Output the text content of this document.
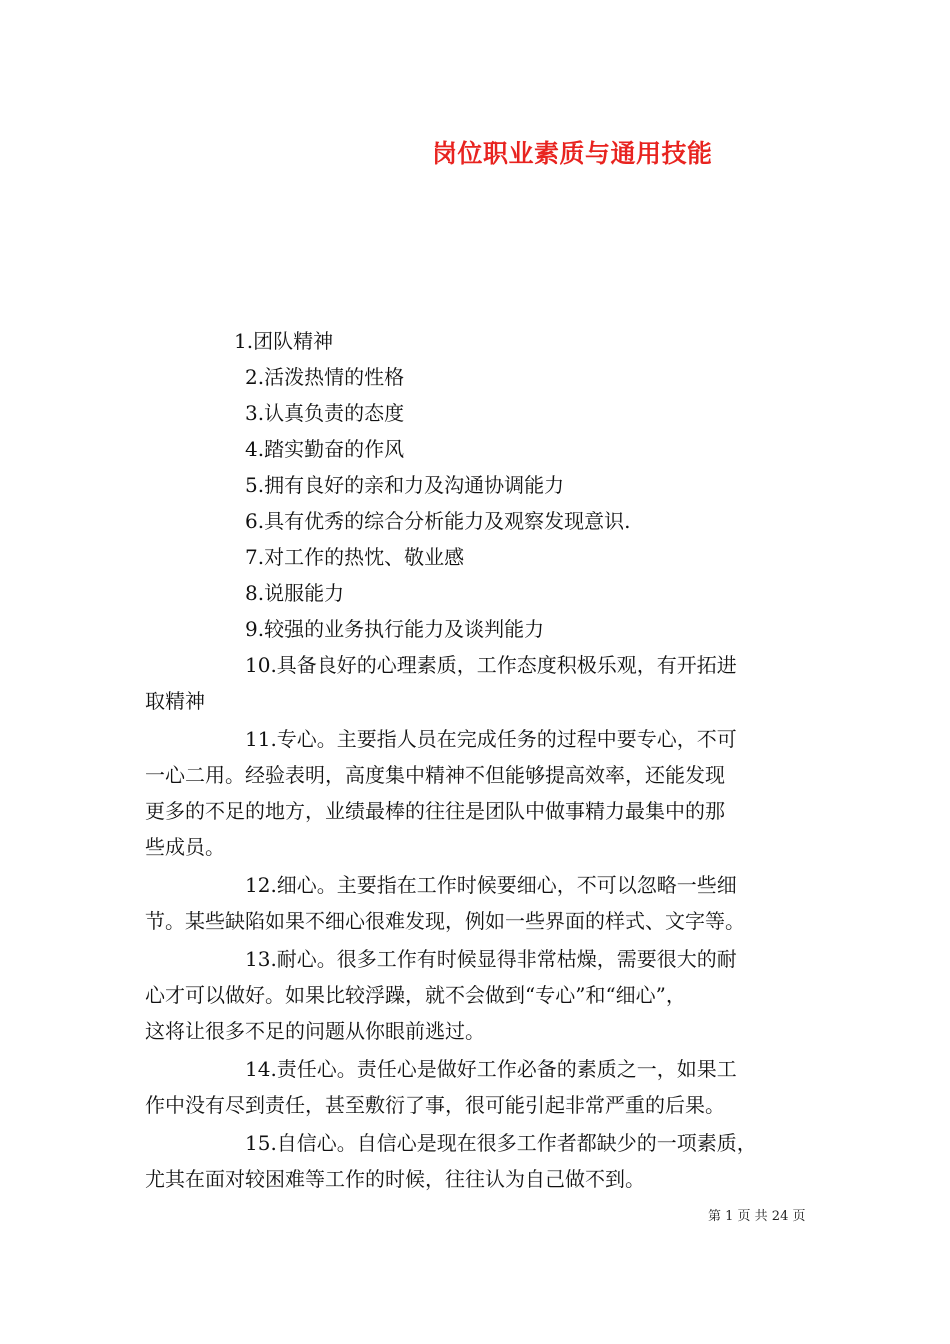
岗位职业素质与通用技能
1.团队精神
2.活泼热情的性格
3.认真负责的态度
4.踏实勤奋的作风
5.拥有良好的亲和力及沟通协调能力
6.具有优秀的综合分析能力及观察发现意识.
7.对工作的热忱、敬业感
8.说服能力
9.较强的业务执行能力及谈判能力
10.具备良好的心理素质，工作态度积极乐观，有开拓进
取精神
11.专心。主要指人员在完成任务的过程中要专心，不可
一心二用。经验表明，高度集中精神不但能够提高效率，还能发现
更多的不足的地方，业绩最棒的往往是团队中做事精力最集中的那
些成员。
12.细心。主要指在工作时候要细心，不可以忽略一些细
节。某些缺陷如果不细心很难发现，例如一些界面的样式、文字等。
13.耐心。很多工作有时候显得非常枯燥，需要很大的耐
心才可以做好。如果比较浮躁，就不会做到“专心”和“细心”，
这将让很多不足的问题从你眼前逃过。
14.责任心。责任心是做好工作必备的素质之一，如果工
作中没有尽到责任，甚至敷衍了事，很可能引起非常严重的后果。
15.自信心。自信心是现在很多工作者都缺少的一项素质，
尤其在面对较困难等工作的时候，往往认为自己做不到。
第 1 页 共 24 页
